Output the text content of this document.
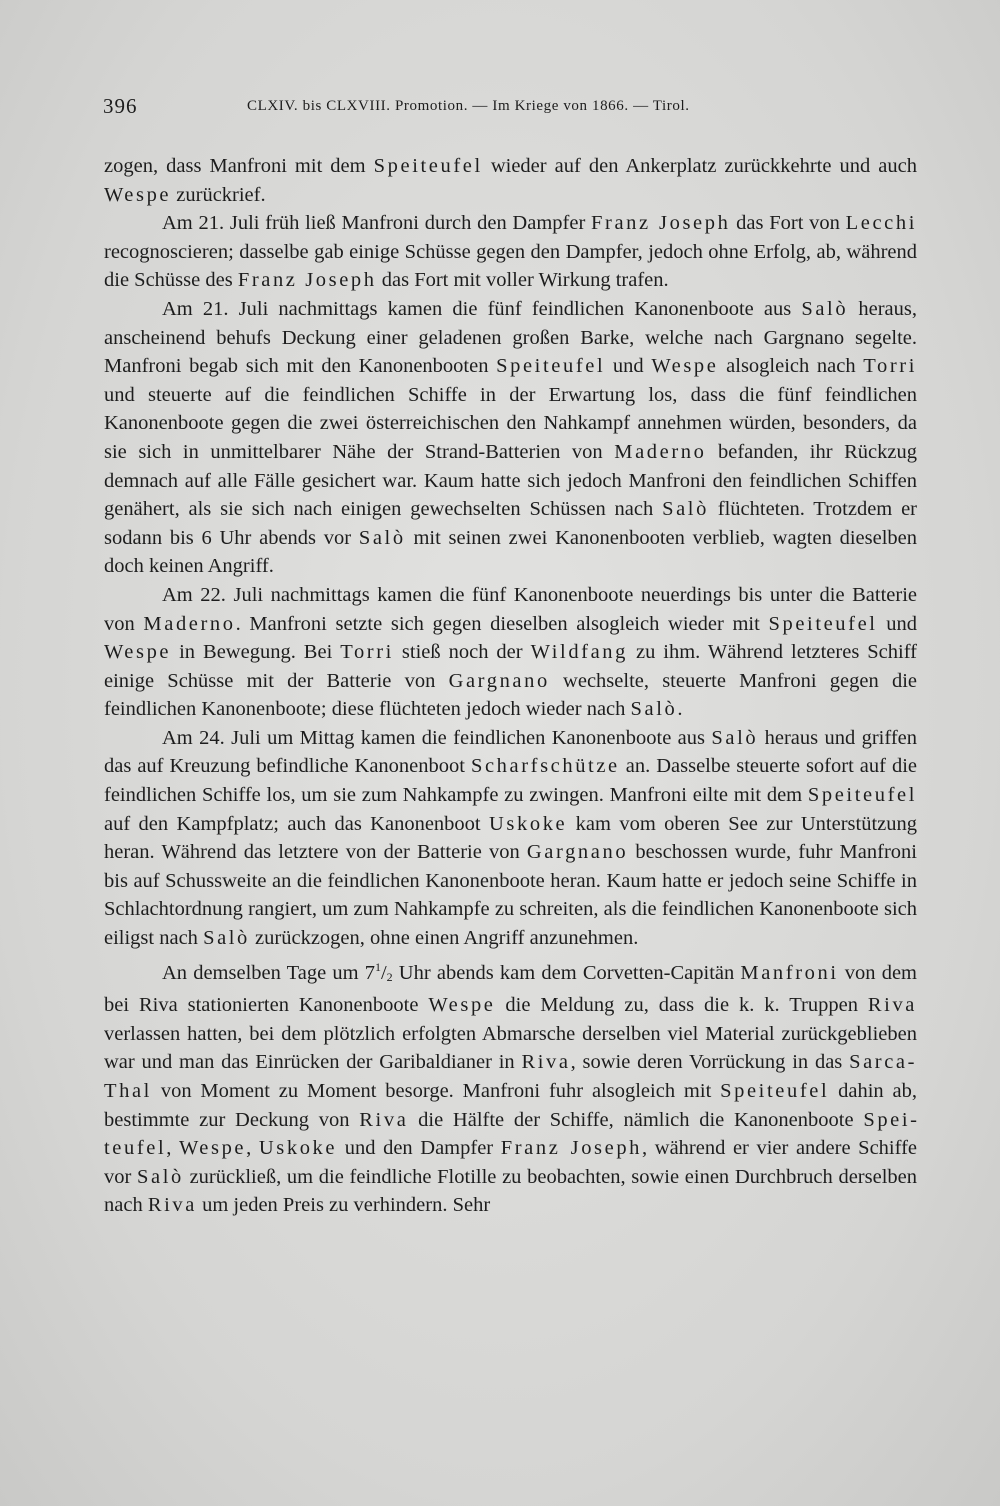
396	CLXIV. bis CLXVIII. Promotion. — Im Kriege von 1866. — Tirol.

zogen, dass Manfroni mit dem Speiteufel wieder auf den Ankerplatz zurückkehrte und auch Wespe zurückrief.

Am 21. Juli früh ließ Manfroni durch den Dampfer Franz Joseph das Fort von Lecchi recognoscieren; dasselbe gab einige Schüsse gegen den Dampfer, jedoch ohne Erfolg, ab, während die Schüsse des Franz Joseph das Fort mit voller Wirkung trafen.

Am 21. Juli nachmittags kamen die fünf feindlichen Kanonenboote aus Salò heraus, anscheinend behufs Deckung einer geladenen großen Barke, welche nach Gargnano segelte. Manfroni begab sich mit den Kanonenbooten Speiteufel und Wespe alsogleich nach Torri und steuerte auf die feindlichen Schiffe in der Erwartung los, dass die fünf feindlichen Kanonenboote gegen die zwei österreichischen den Nahkampf annehmen würden, besonders, da sie sich in unmittelbarer Nähe der Strand-Batterien von Maderno befanden, ihr Rückzug demnach auf alle Fälle gesichert war. Kaum hatte sich jedoch Manfroni den feindlichen Schiffen genähert, als sie sich nach einigen gewechselten Schüssen nach Salò flüchteten. Trotzdem er sodann bis 6 Uhr abends vor Salò mit seinen zwei Kanonenbooten verblieb, wagten dieselben doch keinen Angriff.

Am 22. Juli nachmittags kamen die fünf Kanonenboote neuerdings bis unter die Batterie von Maderno. Manfroni setzte sich gegen dieselben alsogleich wieder mit Speiteufel und Wespe in Bewegung. Bei Torri stieß noch der Wildfang zu ihm. Während letzteres Schiff einige Schüsse mit der Batterie von Gargnano wechselte, steuerte Manfroni gegen die feindlichen Kanonenboote; diese flüchteten jedoch wieder nach Salò.

Am 24. Juli um Mittag kamen die feindlichen Kanonenboote aus Salò heraus und griffen das auf Kreuzung befindliche Kanonenboot Scharfschütze an. Dasselbe steuerte sofort auf die feindlichen Schiffe los, um sie zum Nahkampfe zu zwingen. Manfroni eilte mit dem Speiteufel auf den Kampfplatz; auch das Kanonenboot Uskoke kam vom oberen See zur Unterstützung heran. Während das letztere von der Batterie von Gargnano beschossen wurde, fuhr Manfroni bis auf Schussweite an die feindlichen Kanonenboote heran. Kaum hatte er jedoch seine Schiffe in Schlachtordnung rangiert, um zum Nahkampfe zu schreiten, als die feindlichen Kanonenboote sich eiligst nach Salò zurückzogen, ohne einen Angriff anzunehmen.

An demselben Tage um $7^1/_2$ Uhr abends kam dem Corvetten-Capitän Manfroni von dem bei Riva stationierten Kanonenboote Wespe die Meldung zu, dass die k. k. Truppen Riva verlassen hatten, bei dem plötzlich erfolgten Abmarsche derselben viel Material zurückgeblieben war und man das Einrücken der Garibaldianer in Riva, sowie deren Vorrückung in das Sarca-Thal von Moment zu Moment besorge. Manfroni fuhr alsogleich mit Speiteufel dahin ab, bestimmte zur Deckung von Riva die Hälfte der Schiffe, nämlich die Kanonenboote Speiteufel, Wespe, Uskoke und den Dampfer Franz Joseph, während er vier andere Schiffe vor Salò zurückließ, um die feindliche Flotille zu beobachten, sowie einen Durchbruch derselben nach Riva um jeden Preis zu verhindern. Sehr
